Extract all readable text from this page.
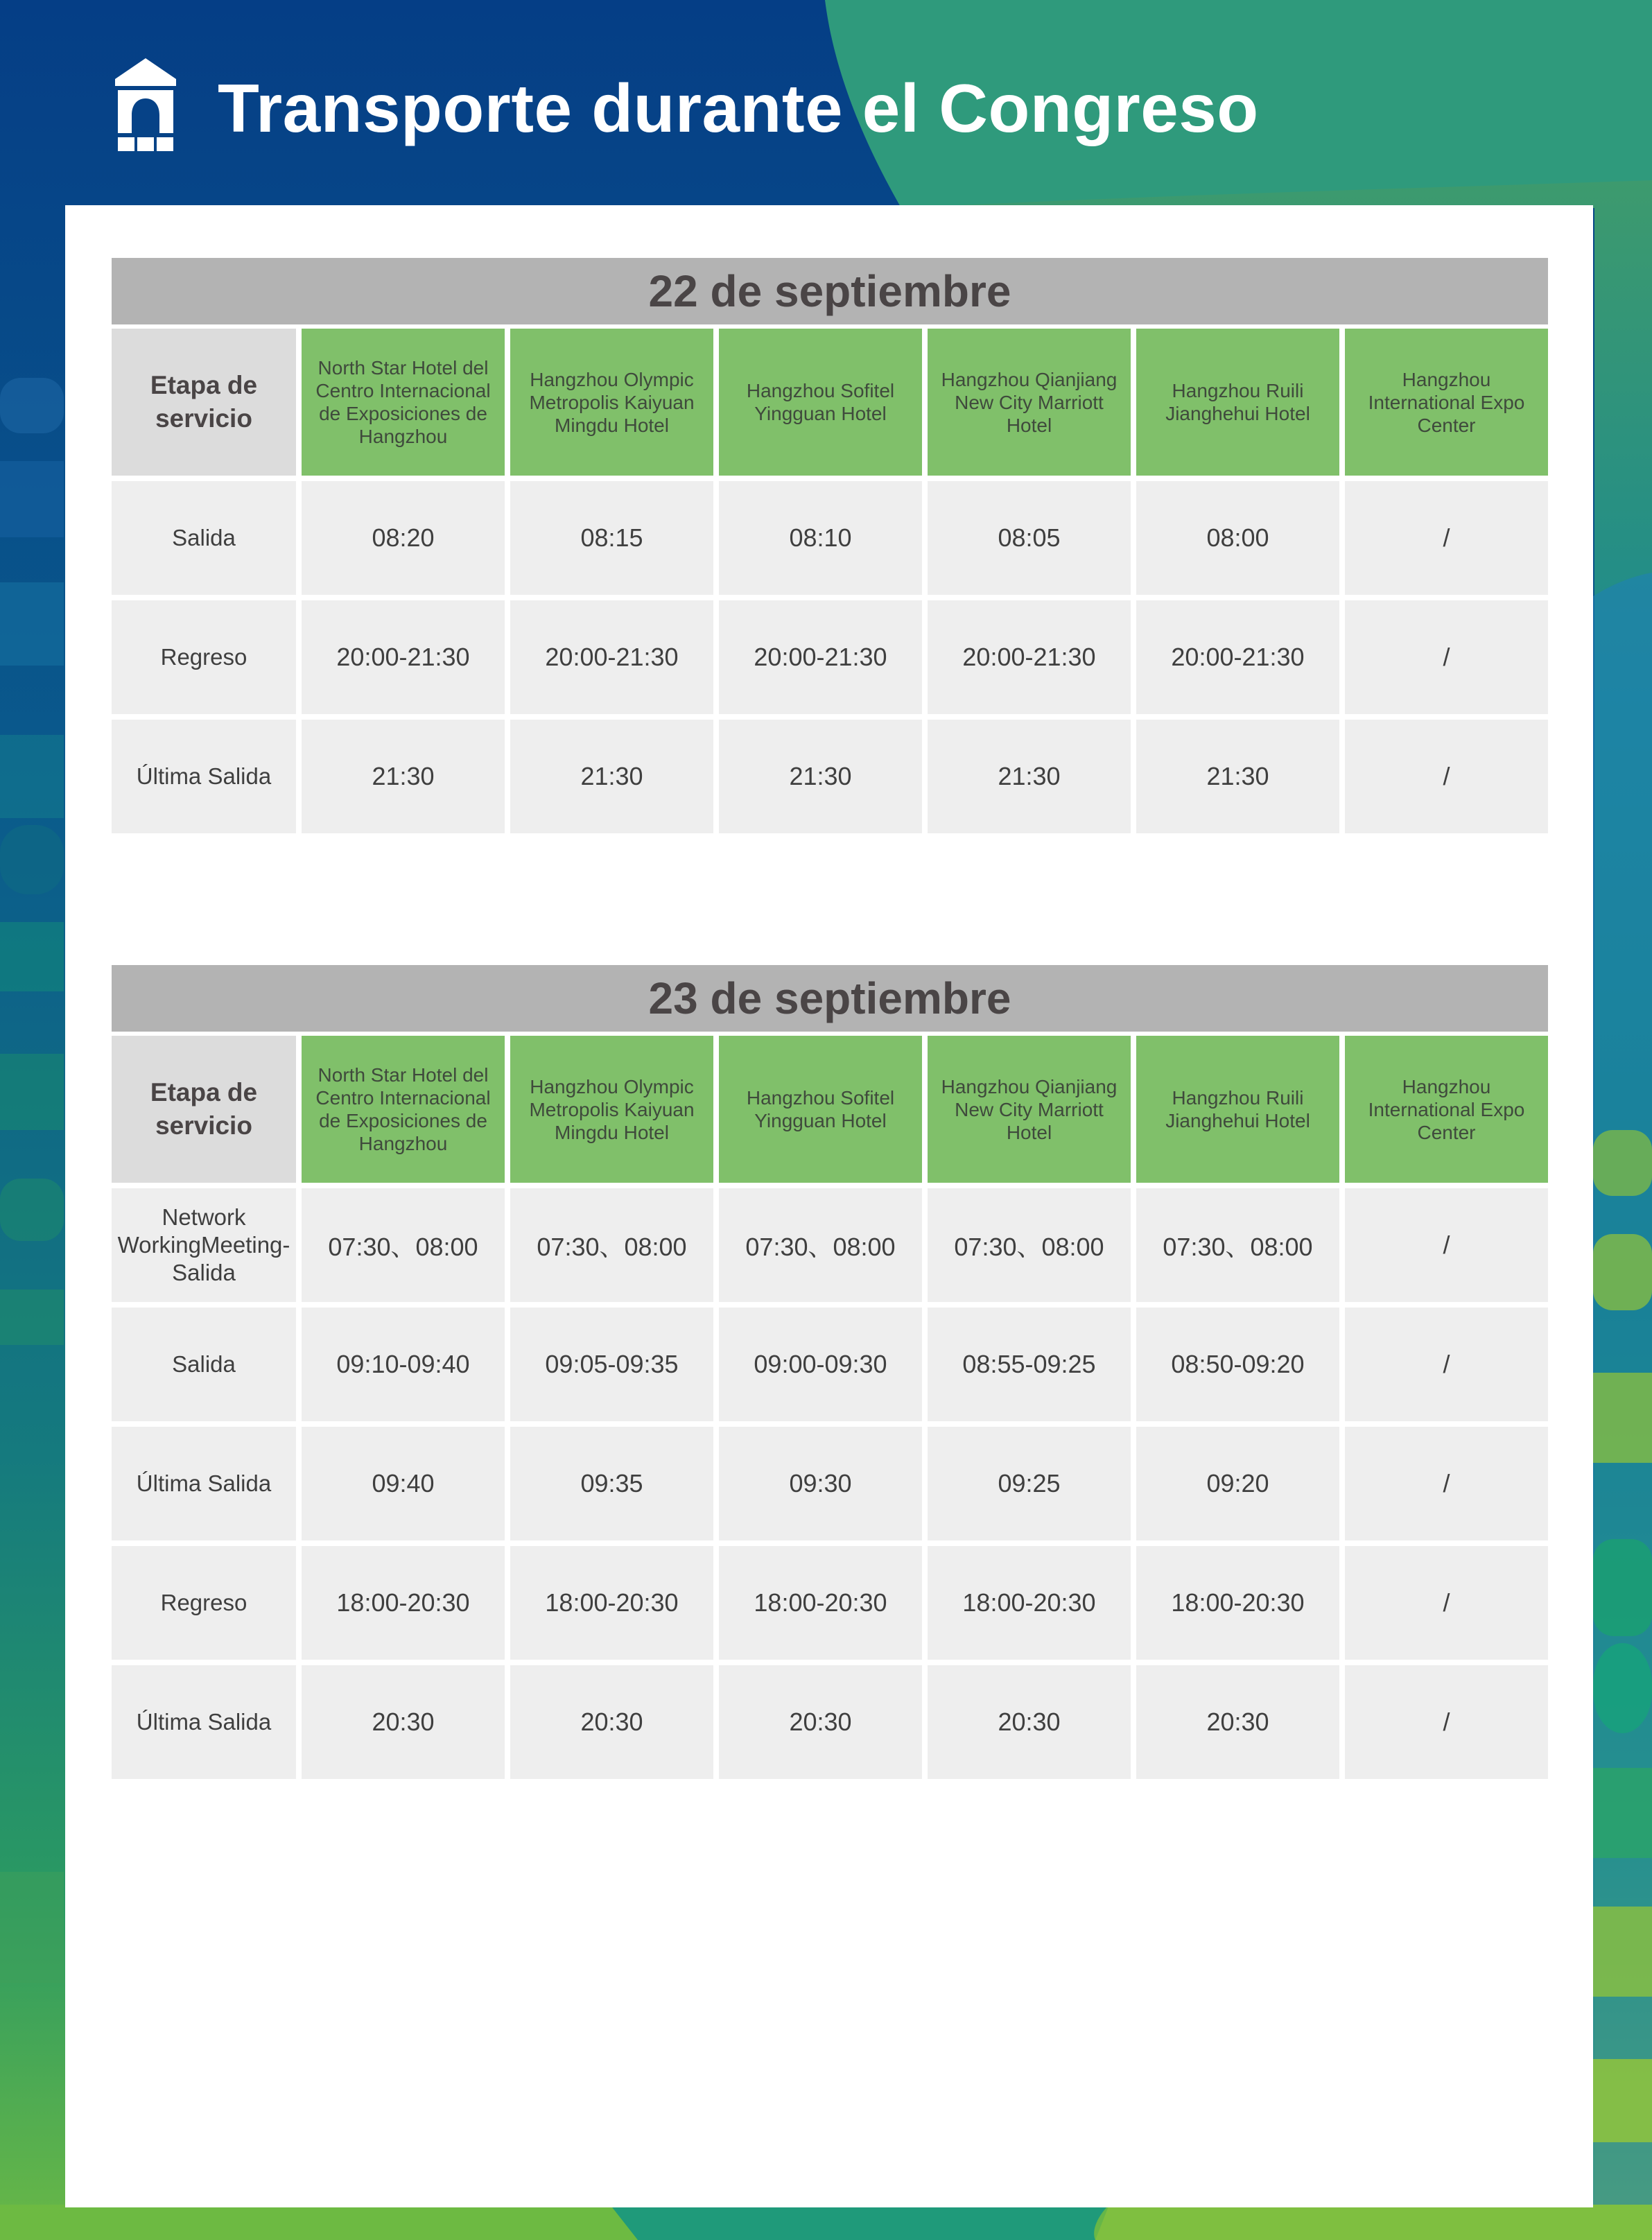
Transporte durante el Congreso
22 de septiembre
Etapa de servicio	North Star Hotel del Centro Internacional de Exposiciones de Hangzhou	Hangzhou Olympic Metropolis Kaiyuan Mingdu Hotel	Hangzhou Sofitel Yingguan Hotel	Hangzhou Qianjiang New City Marriott Hotel	Hangzhou Ruili Jianghehui Hotel	Hangzhou International Expo Center
Salida	08:20	08:15	08:10	08:05	08:00	/
Regreso	20:00-21:30	20:00-21:30	20:00-21:30	20:00-21:30	20:00-21:30	/
Última Salida	21:30	21:30	21:30	21:30	21:30	/
23 de septiembre
Etapa de servicio	North Star Hotel del Centro Internacional de Exposiciones de Hangzhou	Hangzhou Olympic Metropolis Kaiyuan Mingdu Hotel	Hangzhou Sofitel Yingguan Hotel	Hangzhou Qianjiang New City Marriott Hotel	Hangzhou Ruili Jianghehui Hotel	Hangzhou International Expo Center
Network WorkingMeeting-Salida	07:30、08:00	07:30、08:00	07:30、08:00	07:30、08:00	07:30、08:00	/
Salida	09:10-09:40	09:05-09:35	09:00-09:30	08:55-09:25	08:50-09:20	/
Última Salida	09:40	09:35	09:30	09:25	09:20	/
Regreso	18:00-20:30	18:00-20:30	18:00-20:30	18:00-20:30	18:00-20:30	/
Última Salida	20:30	20:30	20:30	20:30	20:30	/
